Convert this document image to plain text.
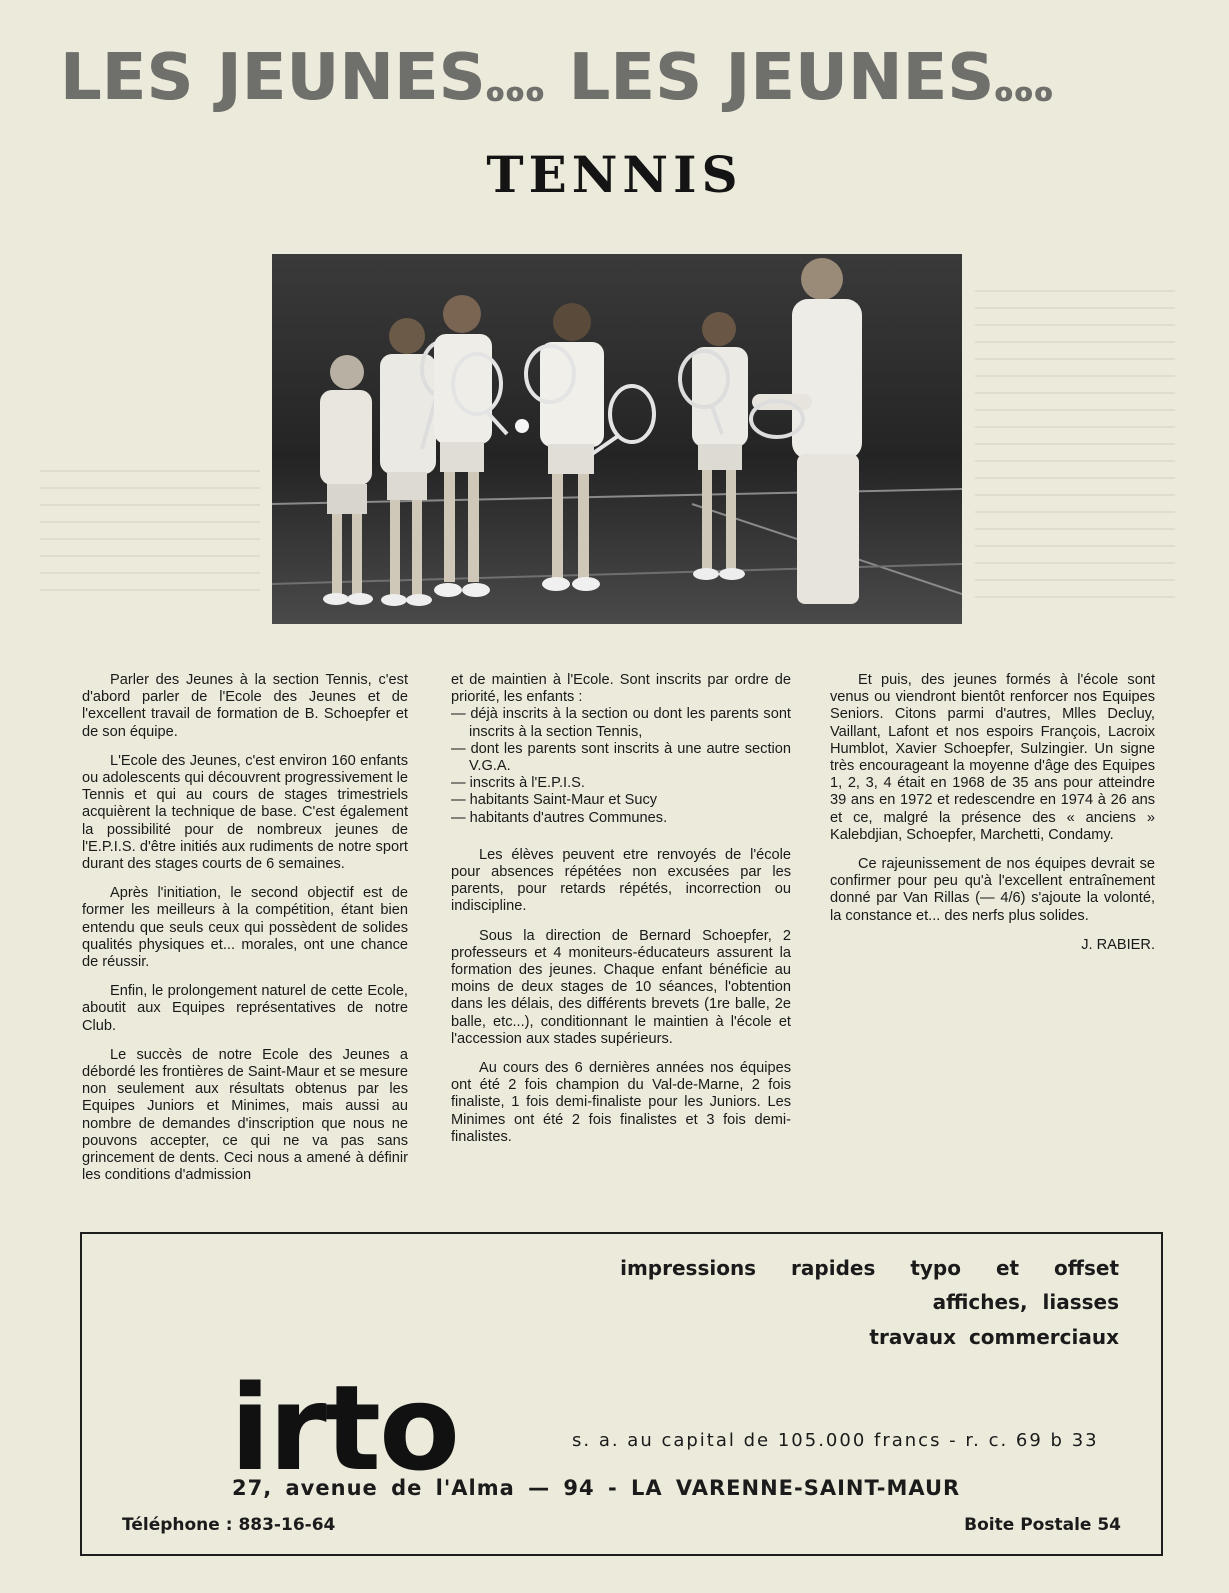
LES JEUNESooo LES JEUNESooo
TENNIS

Parler des Jeunes à la section Tennis, c'est d'abord parler de l'Ecole des Jeunes et de l'excellent travail de formation de B. Schoepfer et de son équipe.

L'Ecole des Jeunes, c'est environ 160 enfants ou adolescents qui découvrent progressivement le Tennis et qui au cours de stages trimestriels acquièrent la technique de base. C'est également la possibilité pour de nombreux jeunes de l'E.P.I.S. d'être initiés aux rudiments de notre sport durant des stages courts de 6 semaines.

Après l'initiation, le second objectif est de former les meilleurs à la compétition, étant bien entendu que seuls ceux qui possèdent de solides qualités physiques et... morales, ont une chance de réussir.

Enfin, le prolongement naturel de cette Ecole, aboutit aux Equipes représentatives de notre Club.

Le succès de notre Ecole des Jeunes a débordé les frontières de Saint-Maur et se mesure non seulement aux résultats obtenus par les Equipes Juniors et Minimes, mais aussi au nombre de demandes d'inscription que nous ne pouvons accepter, ce qui ne va pas sans grincement de dents. Ceci nous a amené à définir les conditions d'admission

et de maintien à l'Ecole. Sont inscrits par ordre de priorité, les enfants :

— déjà inscrits à la section ou dont les parents sont inscrits à la section Tennis,
— dont les parents sont inscrits à une autre section V.G.A.
— inscrits à l'E.P.I.S.
— habitants Saint-Maur et Sucy
— habitants d'autres Communes.

Les élèves peuvent etre renvoyés de l'école pour absences répétées non excusées par les parents, pour retards répétés, incorrection ou indiscipline.

Sous la direction de Bernard Schoepfer, 2 professeurs et 4 moniteurs-éducateurs assurent la formation des jeunes. Chaque enfant bénéficie au moins de deux stages de 10 séances, l'obtention dans les délais, des différents brevets (1re balle, 2e balle, etc...), conditionnant le maintien à l'école et l'accession aux stades supérieurs.

Au cours des 6 dernières années nos équipes ont été 2 fois champion du Val-de-Marne, 2 fois finaliste, 1 fois demi-finaliste pour les Juniors. Les Minimes ont été 2 fois finalistes et 3 fois demi- finalistes.

Et puis, des jeunes formés à l'école sont venus ou viendront bientôt renforcer nos Equipes Seniors. Citons parmi d'autres, Mlles Decluy, Vaillant, Lafont et nos espoirs François, Lacroix Humblot, Xavier Schoepfer, Sulzingier. Un signe très encourageant la moyenne d'âge des Equipes 1, 2, 3, 4 était en 1968 de 35 ans pour atteindre 39 ans en 1972 et redescendre en 1974 à 26 ans et ce, malgré la présence des « anciens » Kalebdjian, Schoepfer, Marchetti, Condamy.

Ce rajeunissement de nos équipes devrait se confirmer pour peu qu'à l'excellent entraînement donné par Van Rillas (— 4/6) s'ajoute la volonté, la constance et... des nerfs plus solides.

J. RABIER.

impressions rapides typo et offset
affiches, liasses
travaux commerciaux
irto	s. a. au capital de 105.000 francs - r. c. 69 b 33
27, avenue de l'Alma — 94 - LA VARENNE-SAINT-MAUR
Téléphone : 883-16-64	Boite Postale 54
